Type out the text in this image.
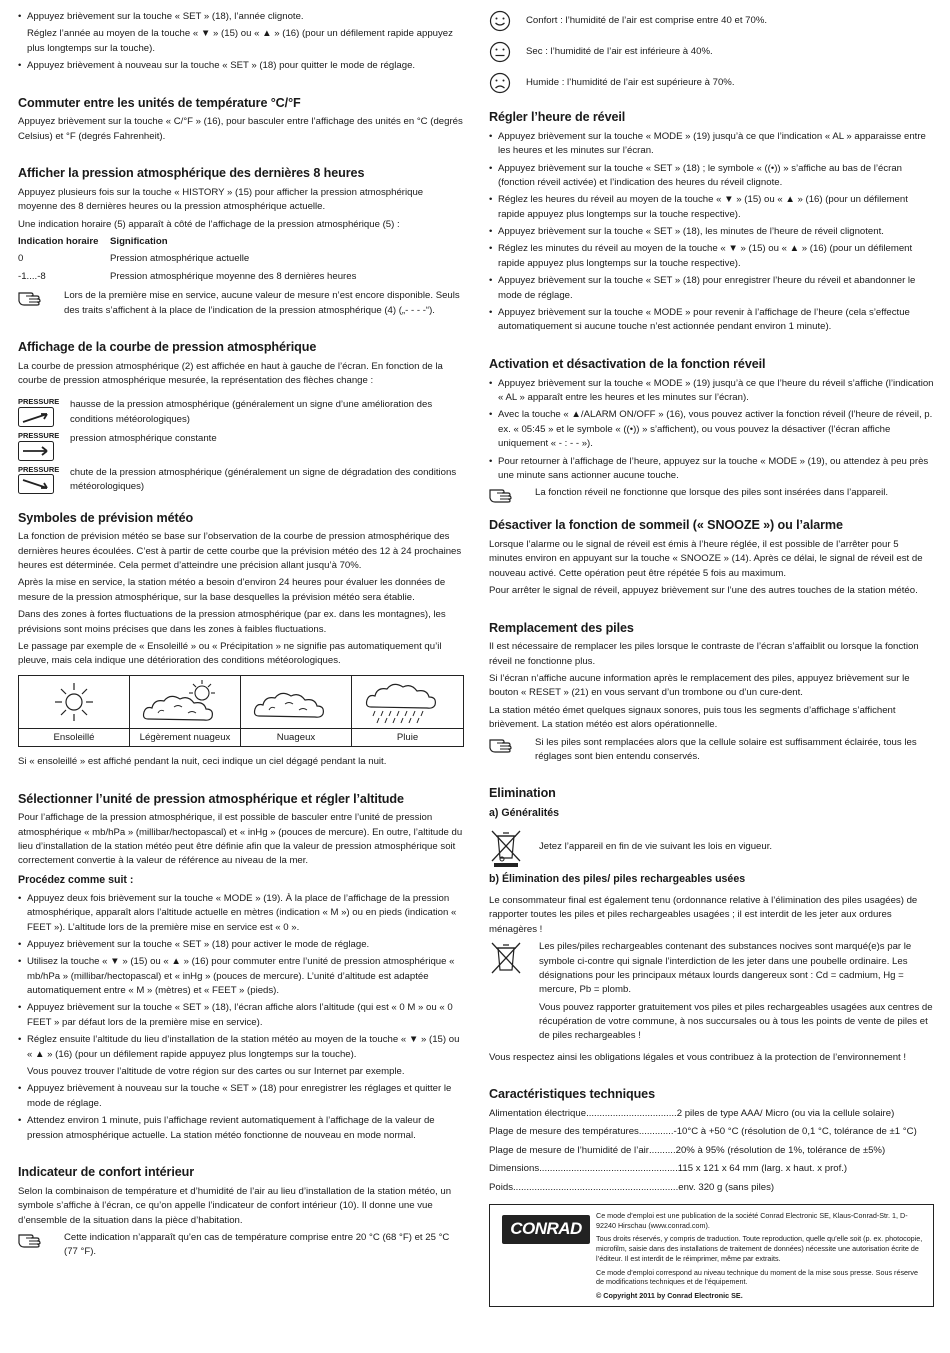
• Appuyez brièvement sur la touche « SET » (18), l’année clignote.

Réglez l’année au moyen de la touche « ▼ » (15) ou « ▲ » (16) (pour un défilement rapide appuyez plus longtemps sur la touche).

• Appuyez brièvement à nouveau sur la touche « SET » (18) pour quitter le mode de réglage.
Commuter entre les unités de température °C/°F

Appuyez brièvement sur la touche « C/°F » (16), pour basculer entre l’affichage des unités en °C (degrés Celsius) et °F (degrés Fahrenheit).

Afficher la pression atmosphérique des dernières 8 heures

Appuyez plusieurs fois sur la touche « HISTORY » (15) pour afficher la pression atmosphérique moyenne des 8 dernières heures ou la pression atmosphérique actuelle.

Une indication horaire (5) apparaît à côté de l’affichage de la pression atmosphérique (5) :

Indication horaire	Signification
0	Pression atmosphérique actuelle
-1....-8	Pression atmosphérique moyenne des 8 dernières heures
Lors de la première mise en service, aucune valeur de mesure n’est encore disponible. Seuls des traits s’affichent à la place de l’indication de la pression atmosphérique (4) („- - - -“).
Affichage de la courbe de pression atmosphérique

La courbe de pression atmosphérique (2) est affichée en haut à gauche de l’écran. En fonction de la courbe de pression atmosphérique mesurée, la représentation des flèches change :

PRESSURE	hausse de la pression atmosphérique (généralement un signe d’une amélioration des conditions météorologiques)
PRESSURE	pression atmosphérique constante
PRESSURE	chute de la pression atmosphérique (généralement un signe de dégradation des conditions météorologiques)
Symboles de prévision météo

La fonction de prévision météo se base sur l’observation de la courbe de pression atmosphérique des dernières heures écoulées. C’est à partir de cette courbe que la prévision météo des 12 à 24 prochaines heures est déterminée. Cela permet d’atteindre une précision allant jusqu’à 70%.

Après la mise en service, la station météo a besoin d’environ 24 heures pour évaluer les données de mesure de la pression atmosphérique, sur la base desquelles la prévision météo sera établie.

Dans des zones à fortes fluctuations de la pression atmosphérique (par ex. dans les montagnes), les prévisions sont moins précises que dans les zones à faibles fluctuations.

Le passage par exemple de « Ensoleillé » ou « Précipitation » ne signifie pas automatiquement qu’il pleuve, mais cela indique une détérioration des conditions météorologiques.

Ensoleillé	Légèrement nuageux	Nuageux	Pluie

Si « ensoleillé » est affiché pendant la nuit, ceci indique un ciel dégagé pendant la nuit.

Sélectionner l’unité de pression atmosphérique et régler l’altitude

Pour l’affichage de la pression atmosphérique, il est possible de basculer entre l’unité de pression atmosphérique « mb/hPa » (millibar/hectopascal) et « inHg » (pouces de mercure). En outre, l’altitude du lieu d’installation de la station météo peut être définie afin que la valeur de pression atmosphérique soit correctement convertie à la valeur de référence au niveau de la mer.

Procédez comme suit :
• Appuyez deux fois brièvement sur la touche « MODE » (19). À la place de l’affichage de la pression atmosphérique, apparaît alors l’altitude actuelle en mètres (indication « M ») ou en pieds (indication « FEET »). L’altitude lors de la première mise en service est « 0 ».
• Appuyez brièvement sur la touche « SET » (18) pour activer le mode de réglage.
• Utilisez la touche « ▼ » (15) ou « ▲ » (16) pour commuter entre l’unité de pression atmosphérique « mb/hPa » (millibar/hectopascal) et « inHg » (pouces de mercure). L’unité d’altitude est adaptée automatiquement entre « M » (mètres) et « FEET » (pieds).
• Appuyez brièvement sur la touche « SET » (18), l’écran affiche alors l’altitude (qui est « 0 M » ou « 0 FEET » par défaut lors de la première mise en service).
• Réglez ensuite l’altitude du lieu d’installation de la station météo au moyen de la touche « ▼ » (15) ou « ▲ » (16) (pour un défilement rapide appuyez plus longtemps sur la touche).

Vous pouvez trouver l’altitude de votre région sur des cartes ou sur Internet par exemple.

• Appuyez brièvement à nouveau sur la touche « SET » (18) pour enregistrer les réglages et quitter le mode de réglage.
• Attendez environ 1 minute, puis l’affichage revient automatiquement à l’affichage de la valeur de pression atmosphérique actuelle. La station météo fonctionne de nouveau en mode normal.
Indicateur de confort intérieur

Selon la combinaison de température et d’humidité de l’air au lieu d’installation de la station météo, un symbole s’affiche à l’écran, ce qu’on appelle l’indicateur de confort intérieur (10). Il donne une vue d’ensemble de la situation dans la pièce d’habitation.

Cette indication n’apparaît qu’en cas de température comprise entre 20 °C (68 °F) et 25 °C (77 °F).
Confort : l’humidité de l’air est comprise entre 40 et 70%.
Sec : l’humidité de l’air est inférieure à 40%.
Humide : l’humidité de l’air est supérieure à 70%.
Régler l’heure de réveil
• Appuyez brièvement sur la touche « MODE » (19) jusqu’à ce que l’indication « AL » apparaisse entre les heures et les minutes sur l’écran.
• Appuyez brièvement sur la touche « SET » (18) ; le symbole « ((•)) » s’affiche au bas de l’écran (fonction réveil activée) et l’indication des heures du réveil clignote.
• Réglez les heures du réveil au moyen de la touche « ▼ » (15) ou « ▲ » (16) (pour un défilement rapide appuyez plus longtemps sur la touche respective).
• Appuyez brièvement sur la touche « SET » (18), les minutes de l’heure de réveil clignotent.
• Réglez les minutes du réveil au moyen de la touche « ▼ » (15) ou « ▲ » (16) (pour un défilement rapide appuyez plus longtemps sur la touche respective).
• Appuyez brièvement sur la touche « SET » (18) pour enregistrer l’heure du réveil et abandonner le mode de réglage.
• Appuyez brièvement sur la touche « MODE » pour revenir à l’affichage de l’heure (cela s’effectue automatiquement si aucune touche n’est actionnée pendant environ 1 minute).
Activation et désactivation de la fonction réveil
• Appuyez brièvement sur la touche « MODE » (19) jusqu’à ce que l’heure du réveil s’affiche (l’indication « AL » apparaît entre les heures et les minutes sur l’écran).
• Avec la touche « ▲/ALARM ON/OFF » (16), vous pouvez activer la fonction réveil (l’heure de réveil, p. ex. « 05:45 » et le symbole « ((•)) » s’affichent), ou vous pouvez la désactiver (l’écran affiche uniquement « - : - - »).
• Pour retourner à l’affichage de l’heure, appuyez sur la touche « MODE » (19), ou attendez à peu près une minute sans actionner aucune touche.
La fonction réveil ne fonctionne que lorsque des piles sont insérées dans l’appareil.
Désactiver la fonction de sommeil (« SNOOZE ») ou l’alarme

Lorsque l’alarme ou le signal de réveil est émis à l’heure réglée, il est possible de l’arrêter pour 5 minutes environ en appuyant sur la touche « SNOOZE » (14). Après ce délai, le signal de réveil est de nouveau activé. Cette opération peut être répétée 5 fois au maximum.

Pour arrêter le signal de réveil, appuyez brièvement sur l’une des autres touches de la station météo.

Remplacement des piles

Il est nécessaire de remplacer les piles lorsque le contraste de l’écran s’affaiblit ou lorsque la fonction réveil ne fonctionne plus.

Si l’écran n’affiche aucune information après le remplacement des piles, appuyez brièvement sur le bouton « RESET » (21) en vous servant d’un trombone ou d’un cure-dent.

La station météo émet quelques signaux sonores, puis tous les segments d’affichage s’affichent brièvement. La station météo est alors opérationnelle.

Si les piles sont remplacées alors que la cellule solaire est suffisamment éclairée, tous les réglages sont bien entendu conservés.
Elimination
a) Généralités
Jetez l’appareil en fin de vie suivant les lois en vigueur.
b) Élimination des piles/ piles rechargeables usées

Le consommateur final est également tenu (ordonnance relative à l’élimination des piles usagées) de rapporter toutes les piles et piles rechargeables usagées ; il est interdit de les jeter aux ordures ménagères !

Les piles/piles rechargeables contenant des substances nocives sont marqué(e)s par le symbole ci-contre qui signale l’interdiction de les jeter dans une poubelle ordinaire. Les désignations pour les principaux métaux lourds dangereux sont : Cd = cadmium, Hg = mercure, Pb = plomb.

Vous pouvez rapporter gratuitement vos piles et piles rechargeables usagées aux centres de récupération de votre commune, à nos succursales ou à tous les points de vente de piles et de piles rechargeables !

Vous respectez ainsi les obligations légales et vous contribuez à la protection de l’environnement !

Caractéristiques techniques
Alimentation électrique .................................. 2 piles de type AAA/ Micro (ou via la cellule solaire)
Plage de mesure des températures ............. -10°C à +50 °C (résolution de 0,1 °C, tolérance de ±1 °C)
Plage de mesure de l’humidité de l’air .......... 20% à 95% (résolution de 1%, tolérance de ±5%)
Dimensions .................................................... 115 x 121 x 64 mm (larg. x haut. x prof.)
Poids .............................................................. env. 320 g (sans piles)
CONRAD

Ce mode d’emploi est une publication de la société Conrad Electronic SE, Klaus-Conrad-Str. 1, D-92240 Hirschau (www.conrad.com).

Tous droits réservés, y compris de traduction. Toute reproduction, quelle qu’elle soit (p. ex. photocopie, microfilm, saisie dans des installations de traitement de données) nécessite une autorisation écrite de l’éditeur. Il est interdit de le réimprimer, même par extraits.

Ce mode d’emploi correspond au niveau technique du moment de la mise sous presse. Sous réserve de modifications techniques et de l’équipement.

© Copyright 2011 by Conrad Electronic SE.
